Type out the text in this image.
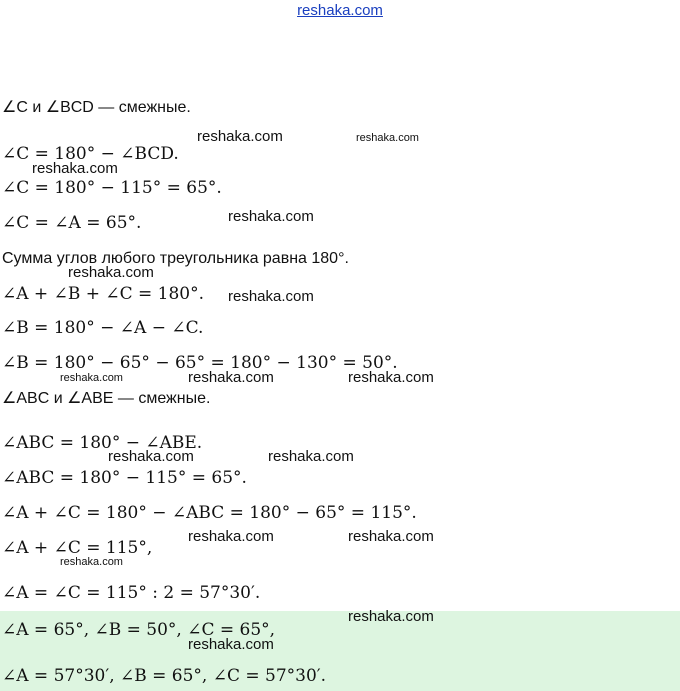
reshaka.com
∠C и ∠BCD — смежные.
∠C = 180° − ∠BCD.
∠C = 180° − 115° = 65°.
∠C = ∠A = 65°.
Сумма углов любого треугольника равна 180°.
∠A + ∠B + ∠C = 180°.
∠B = 180° − ∠A − ∠C.
∠B = 180° − 65° − 65° = 180° − 130° = 50°.
∠ABC и ∠ABE — смежные.
∠ABC = 180° − ∠ABE.
∠ABC = 180° − 115° = 65°.
∠A + ∠C = 180° − ∠ABC = 180° − 65° = 115°.
∠A + ∠C = 115°,
∠A = ∠C = 115° : 2 = 57°30′.
∠A = 65°, ∠B = 50°, ∠C = 65°,
∠A = 57°30′, ∠B = 65°, ∠C = 57°30′.
reshaka.com	reshaka.com
reshaka.com
reshaka.com
reshaka.com
reshaka.com
reshaka.com	reshaka.com	reshaka.com
reshaka.com	reshaka.com
reshaka.com	reshaka.com
reshaka.com
reshaka.com
reshaka.com
